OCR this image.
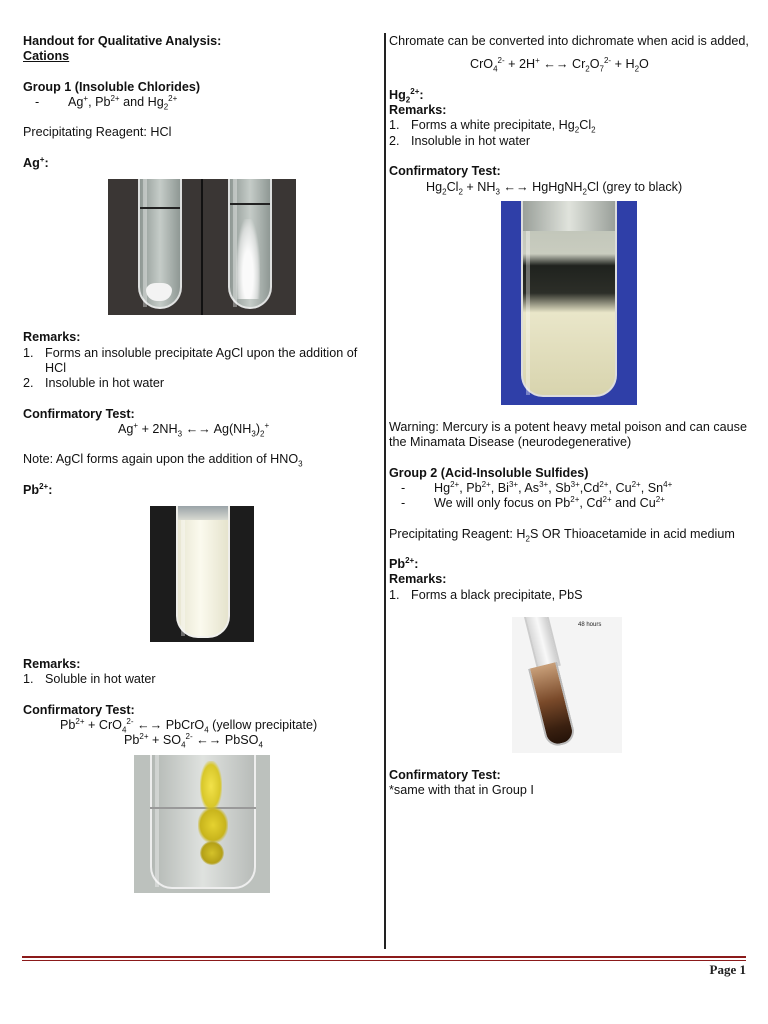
Handout for Qualitative Analysis:

Cations

Group 1 (Insoluble Chlorides)

- Ag+, $Pb^{2+}$ and $Hg_2^{2+}$

Precipitating Reagent: HCl

Ag+:

Remarks:

1. Forms an insoluble precipitate AgCl upon the addition of HCl

2. Insoluble in hot water

Confirmatory Test:

$Ag^+ + 2NH_3$ ←→ $Ag(NH_3)_2^+$

Note: AgCl forms again upon the addition of $HNO_3$

$Pb^{2+}$:

Remarks:

1. Soluble in hot water

Confirmatory Test:

$Pb^{2+} + CrO_4^{2-}$ ←→ PbCrO$_4$ (yellow precipitate)

$Pb^{2+} + SO_4^{2-}$ ←→ PbSO$_4$

Chromate can be converted into dichromate when acid is added,

CrO$_4^{2-}$ + 2H+ ←→ $Cr_2O_7^{2-} + H_2O$

$Hg_2^{2+}$:

Remarks:

1. Forms a white precipitate, $Hg_2Cl_2$

2. Insoluble in hot water

Confirmatory Test:

$Hg_2Cl_2 + NH_3$ ←→ HgHgNH$_2$Cl (grey to black)

Warning: Mercury is a potent heavy metal poison and can cause the Minamata Disease (neurodegenerative)

Group 2 (Acid-Insoluble Sulfides)

- $Hg^{2+}$, $Pb^{2+}$, $Bi^{3+}$, $As^{3+}$, $Sb^{3+},Cd^{2+}$, $Cu^{2+}$, $Sn^{4+}$

- We will only focus on $Pb^{2+}$, $Cd^{2+}$ and $Cu^{2+}$

Precipitating Reagent: $H_2S$ OR Thioacetamide in acid medium

$Pb^{2+}$:

Remarks:

1. Forms a black precipitate, PbS

48 hours

Confirmatory Test:

*same with that in Group I

Page 1
